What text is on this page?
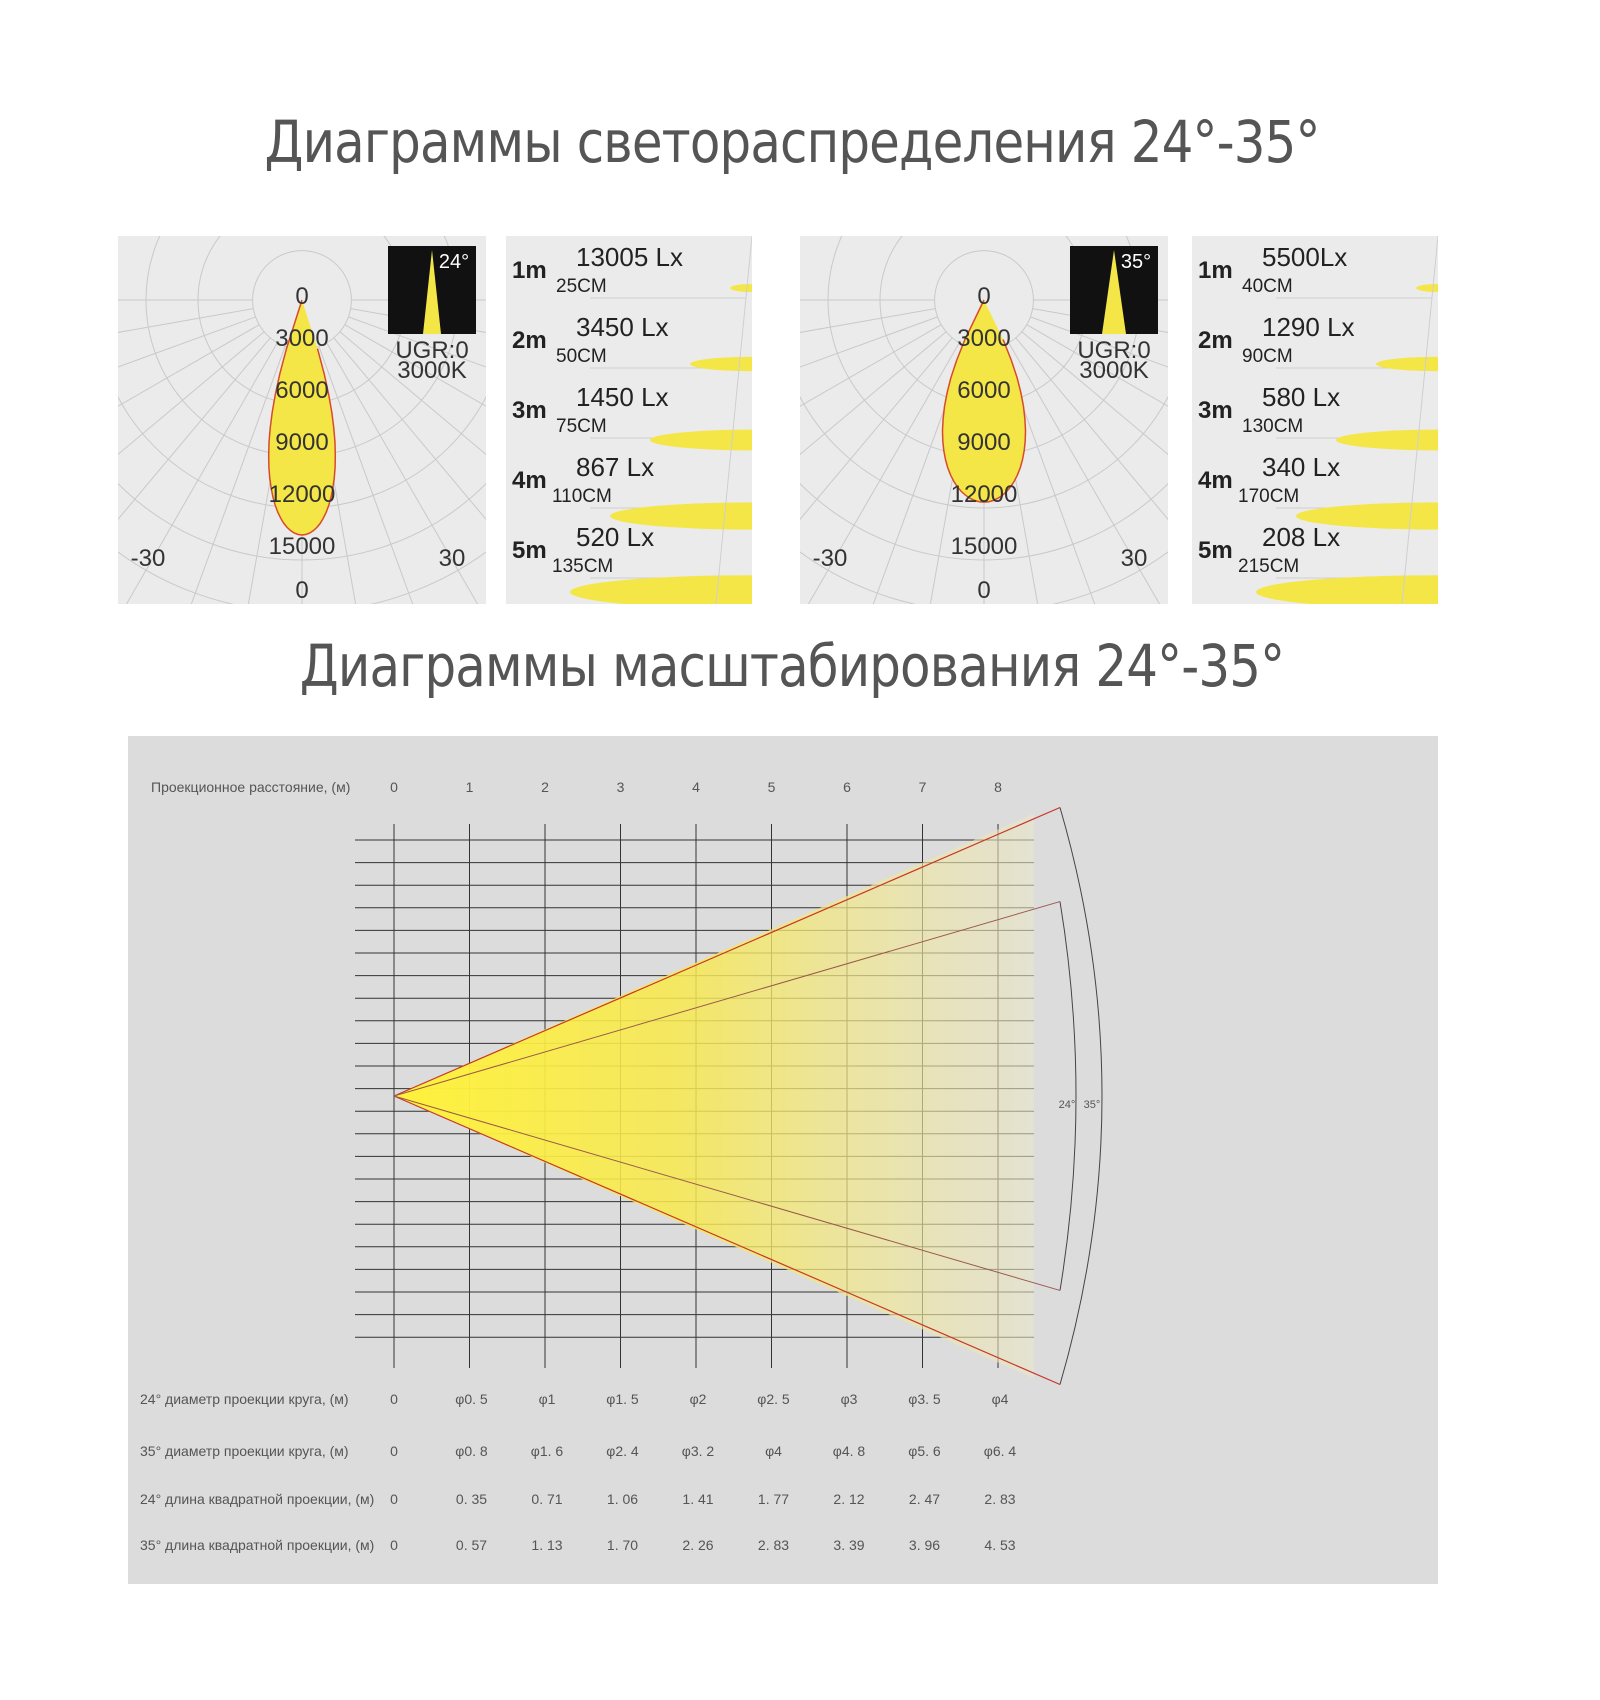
Диаграммы светораспределения 24°-35°
Диаграммы масштабирования 24°-35°
3000
6000
9000
12000
15000
0
0
-30	30
24°
UGR:0
3000K
1m 13005 Lx
25CM
2m 3450 Lx
50CM
3m 1450 Lx
75CM
4m 867 Lx
110CM
5m 520 Lx
135CM
3000
6000
9000
12000
15000
0
0
-30	30
35°
UGR:0
3000K
1m 5500Lx
40CM
2m 1290 Lx
90CM
3m 580 Lx
130CM
4m 340 Lx
170CM
5m 208 Lx
215CM
24° 35°
Проекционное расстояние, (м)	0	1	2	3	4	5	6	7	8
24° диаметр проекции круга, (м)	0	φ0. 5	φ1	φ1. 5	φ2	φ2. 5	φ3	φ3. 5	φ4
35° диаметр проекции круга, (м)	0	φ0. 8	φ1. 6	φ2. 4	φ3. 2	φ4	φ4. 8	φ5. 6	φ6. 4
24° длина квадратной проекции, (м) 0	0. 35	0. 71	1. 06	1. 41	1. 77	2. 12	2. 47	2. 83
35° длина квадратной проекции, (м) 0	0. 57	1. 13	1. 70	2. 26	2. 83	3. 39	3. 96	4. 53
